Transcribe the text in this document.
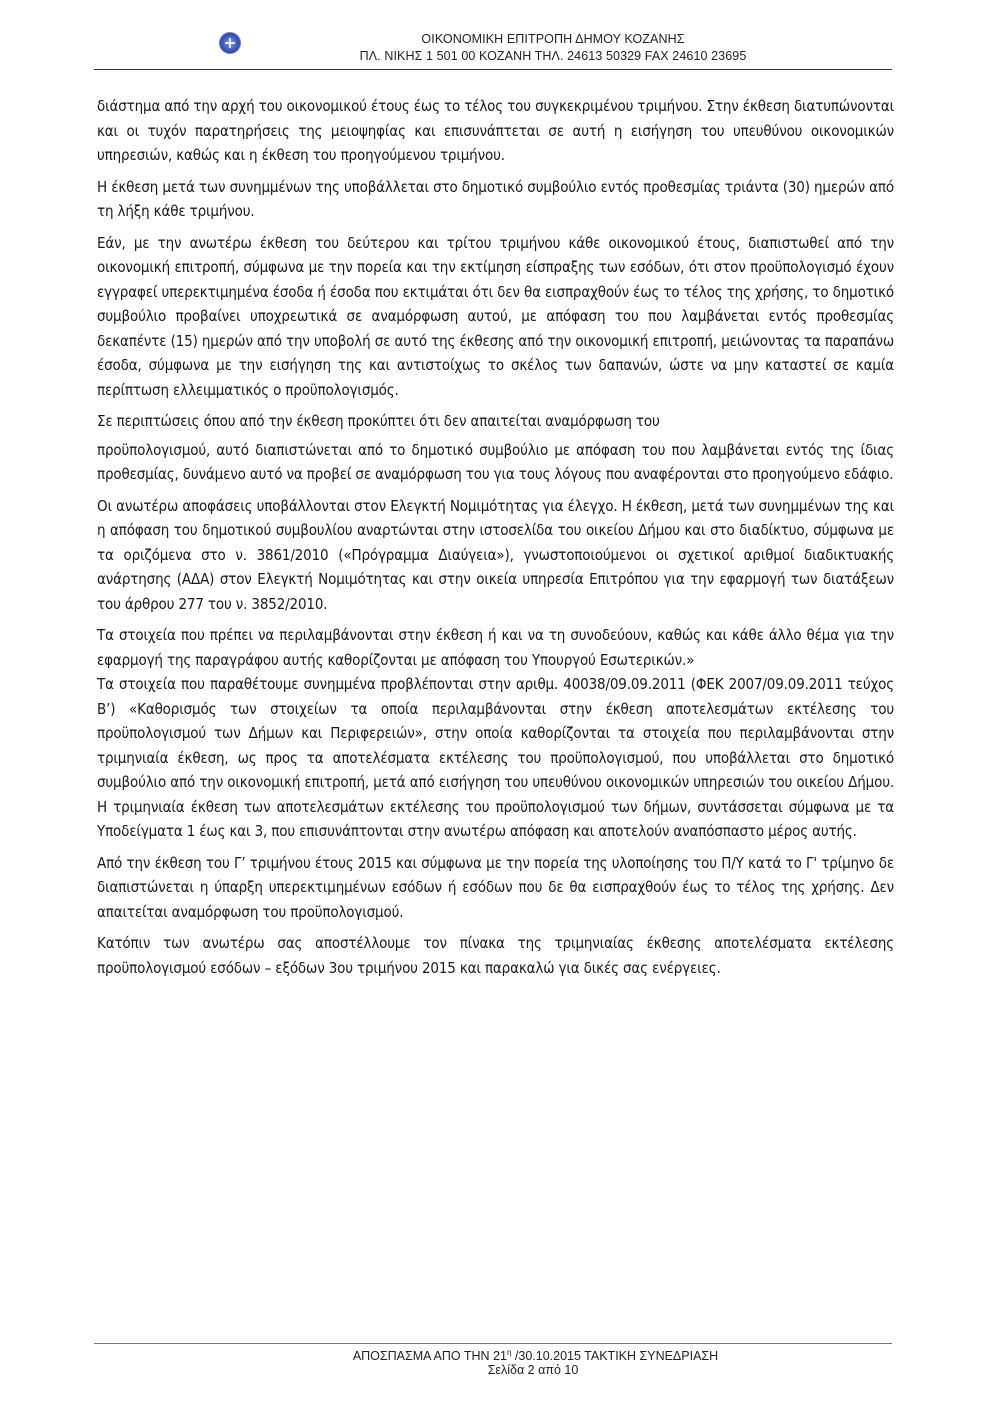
ΟΙΚΟΝΟΜΙΚΗ ΕΠΙΤΡΟΠΗ ΔΗΜΟΥ ΚΟΖΑΝΗΣ
ΠΛ. ΝΙΚΗΣ 1 501 00 ΚΟΖΑΝΗ ΤΗΛ. 24613 50329 FAX 24610 23695

διάστημα από την αρχή του οικονομικού έτους έως το τέλος του συγκεκριμένου τριμήνου. Στην έκθεση διατυπώνονται και οι τυχόν παρατηρήσεις της μειοψηφίας και επισυνάπτεται σε αυτή η εισήγηση του υπευθύνου οικονομικών υπηρεσιών, καθώς και η έκθεση του προηγούμενου τριμήνου.

Η έκθεση μετά των συνημμένων της υποβάλλεται στο δημοτικό συμβούλιο εντός προθεσμίας τριάντα (30) ημερών από τη λήξη κάθε τριμήνου.

Εάν, με την ανωτέρω έκθεση του δεύτερου και τρίτου τριμήνου κάθε οικονομικού έτους, διαπιστωθεί από την οικονομική επιτροπή, σύμφωνα με την πορεία και την εκτίμηση είσπραξης των εσόδων, ότι στον προϋπολογισμό έχουν εγγραφεί υπερεκτιμημένα έσοδα ή έσοδα που εκτιμάται ότι δεν θα εισπραχθούν έως το τέλος της χρήσης, το δημοτικό συμβούλιο προβαίνει υποχρεωτικά σε αναμόρφωση αυτού, με απόφαση του που λαμβάνεται εντός προθεσμίας δεκαπέντε (15) ημερών από την υποβολή σε αυτό της έκθεσης από την οικονομική επιτροπή, μειώνοντας τα παραπάνω έσοδα, σύμφωνα με την εισήγηση της και αντιστοίχως το σκέλος των δαπανών, ώστε να μην καταστεί σε καμία περίπτωση ελλειμματικός ο προϋπολογισμός.

Σε περιπτώσεις όπου από την έκθεση προκύπτει ότι δεν απαιτείται αναμόρφωση του

προϋπολογισμού, αυτό διαπιστώνεται από το δημοτικό συμβούλιο με απόφαση του που λαμβάνεται εντός της ίδιας προθεσμίας, δυνάμενο αυτό να προβεί σε αναμόρφωση του για τους λόγους που αναφέρονται στο προηγούμενο εδάφιο.

Οι ανωτέρω αποφάσεις υποβάλλονται στον Ελεγκτή Νομιμότητας για έλεγχο. Η έκθεση, μετά των συνημμένων της και η απόφαση του δημοτικού συμβουλίου αναρτώνται στην ιστοσελίδα του οικείου Δήμου και στο διαδίκτυο, σύμφωνα με τα οριζόμενα στο ν. 3861/2010 («Πρόγραμμα Διαύγεια»), γνωστοποιούμενοι οι σχετικοί αριθμοί διαδικτυακής ανάρτησης (ΑΔΑ) στον Ελεγκτή Νομιμότητας και στην οικεία υπηρεσία Επιτρόπου για την εφαρμογή των διατάξεων του άρθρου 277 του ν. 3852/2010.

Τα στοιχεία που πρέπει να περιλαμβάνονται στην έκθεση ή και να τη συνοδεύουν, καθώς και κάθε άλλο θέμα για την εφαρμογή της παραγράφου αυτής καθορίζονται με απόφαση του Υπουργού Εσωτερικών.»

Τα στοιχεία που παραθέτουμε συνημμένα προβλέπονται στην αριθμ. 40038/09.09.2011 (ΦΕΚ 2007/09.09.2011 τεύχος Β’) «Καθορισμός των στοιχείων τα οποία περιλαμβάνονται στην έκθεση αποτελεσμάτων εκτέλεσης του προϋπολογισμού των Δήμων και Περιφερειών», στην οποία καθορίζονται τα στοιχεία που περιλαμβάνονται στην τριμηνιαία έκθεση, ως προς τα αποτελέσματα εκτέλεσης του προϋπολογισμού, που υποβάλλεται στο δημοτικό συμβούλιο από την οικονομική επιτροπή, μετά από εισήγηση του υπευθύνου οικονομικών υπηρεσιών του οικείου Δήμου. Η τριμηνιαία έκθεση των αποτελεσμάτων εκτέλεσης του προϋπολογισμού των δήμων, συντάσσεται σύμφωνα με τα Υποδείγματα 1 έως και 3, που επισυνάπτονται στην ανωτέρω απόφαση και αποτελούν αναπόσπαστο μέρος αυτής.

Από την έκθεση του Γ’ τριμήνου έτους 2015 και σύμφωνα με την πορεία της υλοποίησης του Π/Υ κατά το Γ' τρίμηνο δε διαπιστώνεται η ύπαρξη υπερεκτιμημένων εσόδων ή εσόδων που δε θα εισπραχθούν έως το τέλος της χρήσης. Δεν απαιτείται αναμόρφωση του προϋπολογισμού.

Κατόπιν των ανωτέρω σας αποστέλλουμε τον πίνακα της τριμηνιαίας έκθεσης αποτελέσματα εκτέλεσης προϋπολογισμού εσόδων – εξόδων 3ου τριμήνου 2015 και παρακαλώ για δικές σας ενέργειες.

ΑΠΟΣΠΑΣΜΑ ΑΠΟ ΤΗΝ $21^\eta$ /30.10.2015 ΤΑΚΤΙΚΗ ΣΥΝΕΔΡΙΑΣΗ
Σελίδα 2 από 10
